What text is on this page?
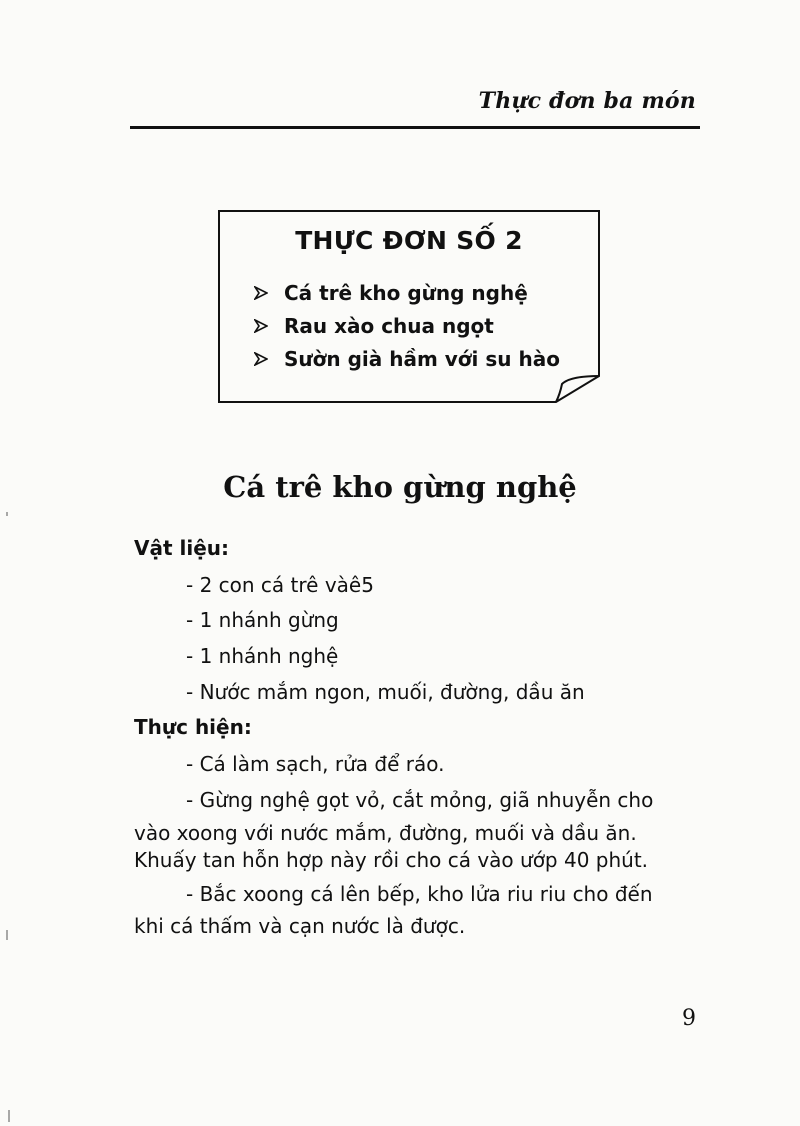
Thực đơn ba món
THỰC ĐƠN SỐ 2
Cá trê kho gừng nghệ
Rau xào chua ngọt
Sườn già hầm với su hào
Cá trê kho gừng nghệ
Vật liệu:
- 2 con cá trê vàê5
- 1 nhánh gừng
- 1 nhánh nghệ
- Nước mắm ngon, muối, đường, dầu ăn
Thực hiện:
- Cá làm sạch, rửa để ráo.
- Gừng nghệ gọt vỏ, cắt mỏng, giã nhuyễn cho
vào xoong với nước mắm, đường, muối và dầu ăn.
Khuấy tan hỗn hợp này rồi cho cá vào ướp 40 phút.
- Bắc xoong cá lên bếp, kho lửa riu riu cho đến
khi cá thấm và cạn nước là được.
9
